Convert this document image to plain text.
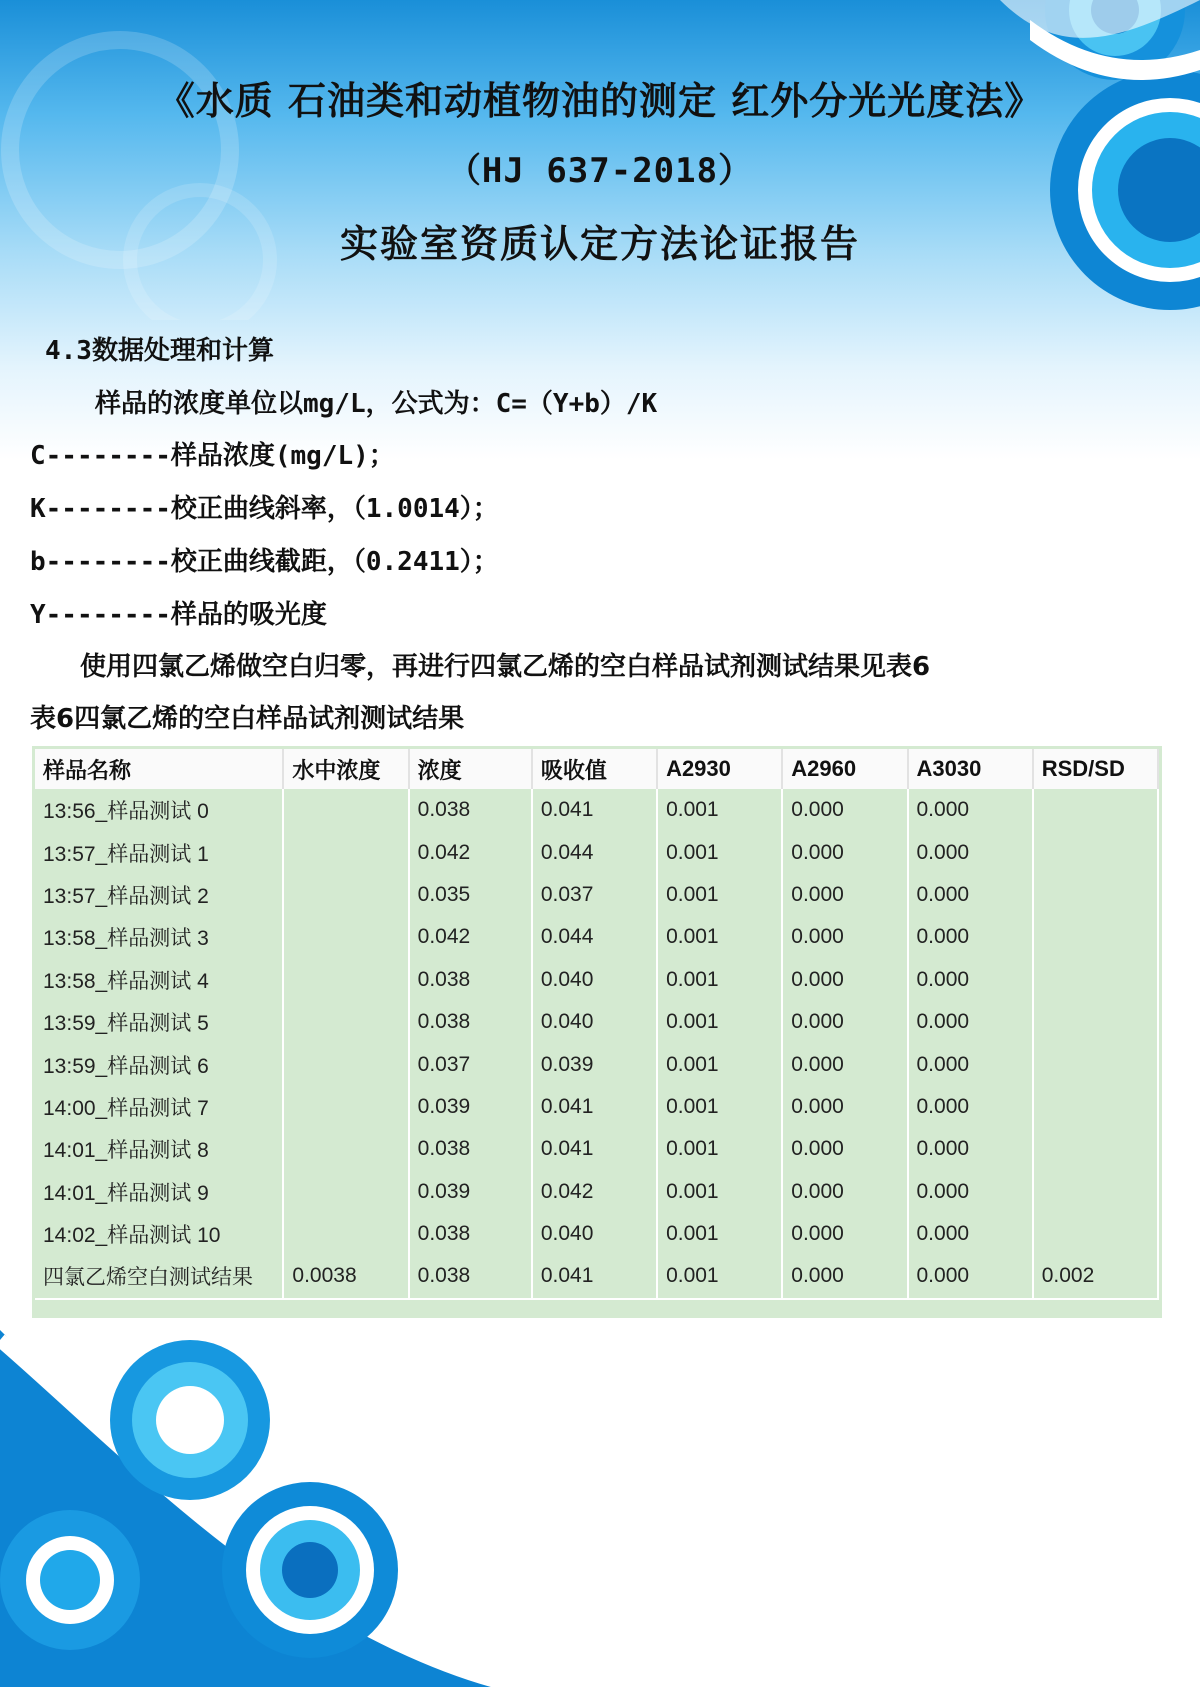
《水质 石油类和动植物油的测定 红外分光光度法》
（HJ 637-2018）
实验室资质认定方法论证报告
4.3数据处理和计算
样品的浓度单位以mg/L，公式为：C=（Y+b）/K
C--------样品浓度(mg/L)；
K--------校正曲线斜率，（1.0014）；
b--------校正曲线截距，（0.2411）；
Y--------样品的吸光度
使用四氯乙烯做空白归零，再进行四氯乙烯的空白样品试剂测试结果见表6
表6四氯乙烯的空白样品试剂测试结果
样品名称	水中浓度	浓度	吸收值	A2930	A2960	A3030	RSD/SD
13:56_样品测试 0		0.038	0.041	0.001	0.000	0.000	
13:57_样品测试 1		0.042	0.044	0.001	0.000	0.000	
13:57_样品测试 2		0.035	0.037	0.001	0.000	0.000	
13:58_样品测试 3		0.042	0.044	0.001	0.000	0.000	
13:58_样品测试 4		0.038	0.040	0.001	0.000	0.000	
13:59_样品测试 5		0.038	0.040	0.001	0.000	0.000	
13:59_样品测试 6		0.037	0.039	0.001	0.000	0.000	
14:00_样品测试 7		0.039	0.041	0.001	0.000	0.000	
14:01_样品测试 8		0.038	0.041	0.001	0.000	0.000	
14:01_样品测试 9		0.039	0.042	0.001	0.000	0.000	
14:02_样品测试 10		0.038	0.040	0.001	0.000	0.000	
四氯乙烯空白测试结果	0.0038	0.038	0.041	0.001	0.000	0.000	0.002
